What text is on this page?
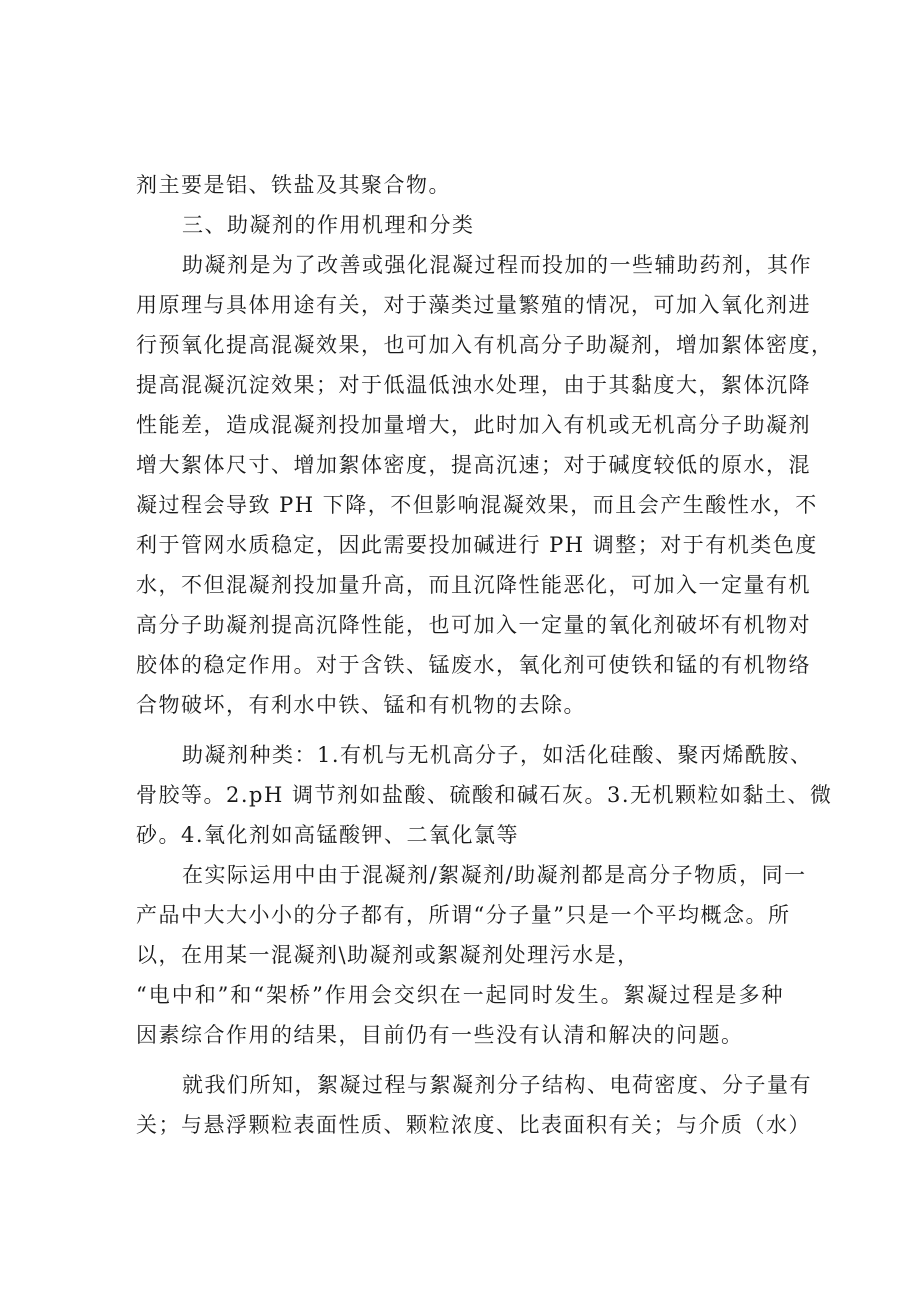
剂主要是铝、铁盐及其聚合物。
三、助凝剂的作用机理和分类
助凝剂是为了改善或强化混凝过程而投加的一些辅助药剂，其作
用原理与具体用途有关，对于藻类过量繁殖的情况，可加入氧化剂进
行预氧化提高混凝效果，也可加入有机高分子助凝剂，增加絮体密度，
提高混凝沉淀效果；对于低温低浊水处理，由于其黏度大，絮体沉降
性能差，造成混凝剂投加量增大，此时加入有机或无机高分子助凝剂
增大絮体尺寸、增加絮体密度，提高沉速；对于碱度较低的原水，混
凝过程会导致 PH 下降，不但影响混凝效果，而且会产生酸性水，不
利于管网水质稳定，因此需要投加碱进行 PH 调整；对于有机类色度
水，不但混凝剂投加量升高，而且沉降性能恶化，可加入一定量有机
高分子助凝剂提高沉降性能，也可加入一定量的氧化剂破坏有机物对
胶体的稳定作用。对于含铁、锰废水，氧化剂可使铁和锰的有机物络
合物破坏，有利水中铁、锰和有机物的去除。
助凝剂种类：1.有机与无机高分子，如活化硅酸、聚丙烯酰胺、
骨胶等。2.pH 调节剂如盐酸、硫酸和碱石灰。3.无机颗粒如黏土、微
砂。4.氧化剂如高锰酸钾、二氧化氯等
在实际运用中由于混凝剂/絮凝剂/助凝剂都是高分子物质，同一
产品中大大小小的分子都有，所谓“分子量”只是一个平均概念。所
以，在用某一混凝剂\助凝剂或絮凝剂处理污水是，
“电中和”和“架桥”作用会交织在一起同时发生。絮凝过程是多种
因素综合作用的结果，目前仍有一些没有认清和解决的问题。
就我们所知，絮凝过程与絮凝剂分子结构、电荷密度、分子量有
关；与悬浮颗粒表面性质、颗粒浓度、比表面积有关；与介质（水）
